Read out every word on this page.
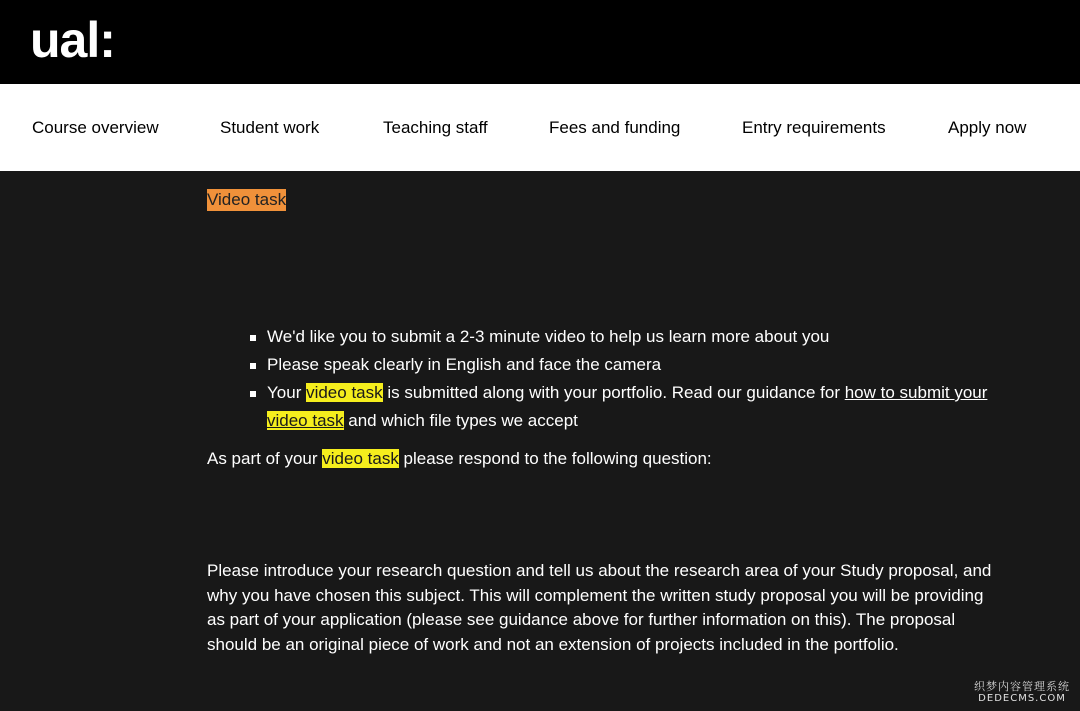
ual:
Course overview	Student work	Teaching staff	Fees and funding	Entry requirements	Apply now
Video task
We'd like you to submit a 2-3 minute video to help us learn more about you
Please speak clearly in English and face the camera
Your video task is submitted along with your portfolio. Read our guidance for how to submit your video task and which file types we accept

As part of your video task please respond to the following question:

Please introduce your research question and tell us about the research area of your Study proposal, and why you have chosen this subject. This will complement the written study proposal you will be providing as part of your application (please see guidance above for further information on this). The proposal should be an original piece of work and not an extension of projects included in the portfolio.

织梦内容管理系统
DEDECMS.COM
